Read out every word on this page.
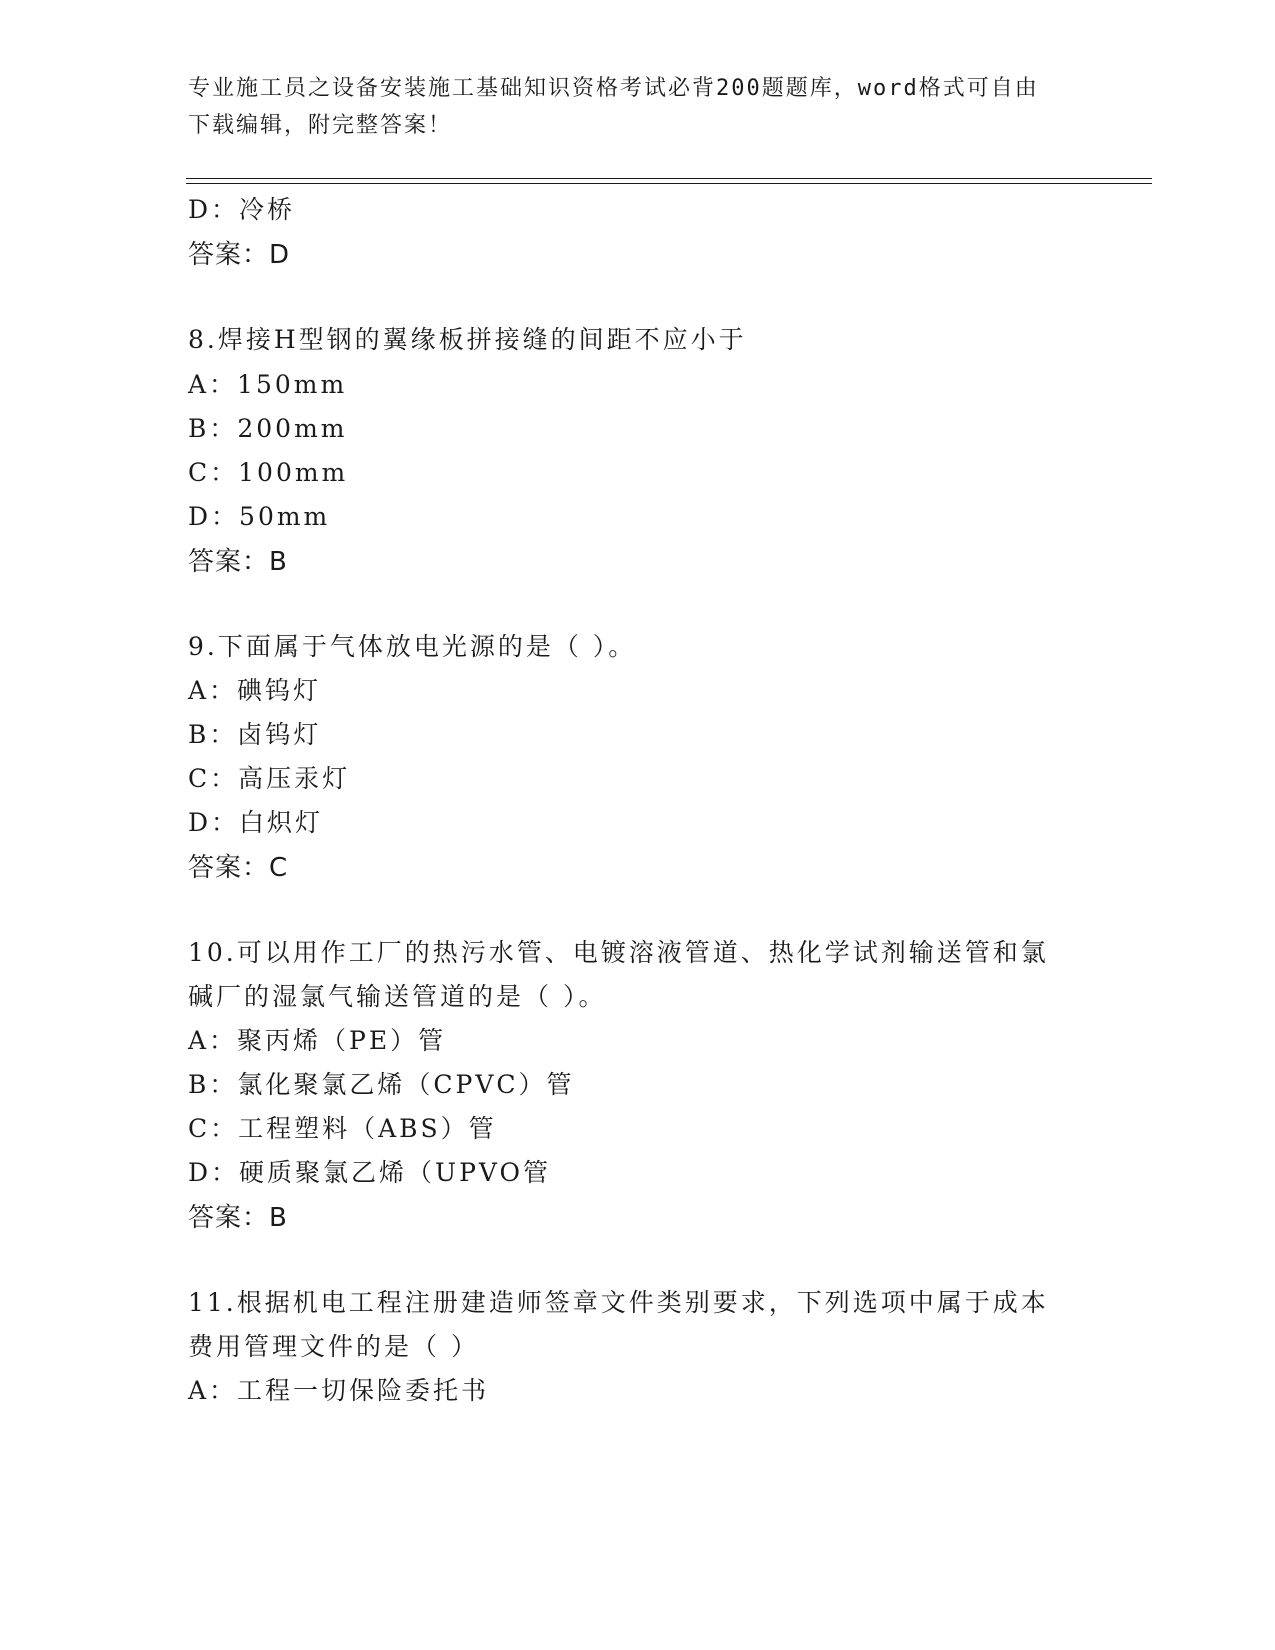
专业施工员之设备安装施工基础知识资格考试必背200题题库，word格式可自由
下载编辑，附完整答案！
D：冷桥
答案：D
8.焊接H型钢的翼缘板拼接缝的间距不应小于
A：150mm
B：200mm
C：100mm
D：50mm
答案：B
9.下面属于气体放电光源的是（ ）。
A：碘钨灯
B：卤钨灯
C：高压汞灯
D：白炽灯
答案：C
10.可以用作工厂的热污水管、电镀溶液管道、热化学试剂输送管和氯
碱厂的湿氯气输送管道的是（ ）。
A：聚丙烯（PE）管
B：氯化聚氯乙烯（CPVC）管
C：工程塑料（ABS）管
D：硬质聚氯乙烯（UPVO管
答案：B
11.根据机电工程注册建造师签章文件类别要求，下列选项中属于成本
费用管理文件的是（ ）
A：工程一切保险委托书
